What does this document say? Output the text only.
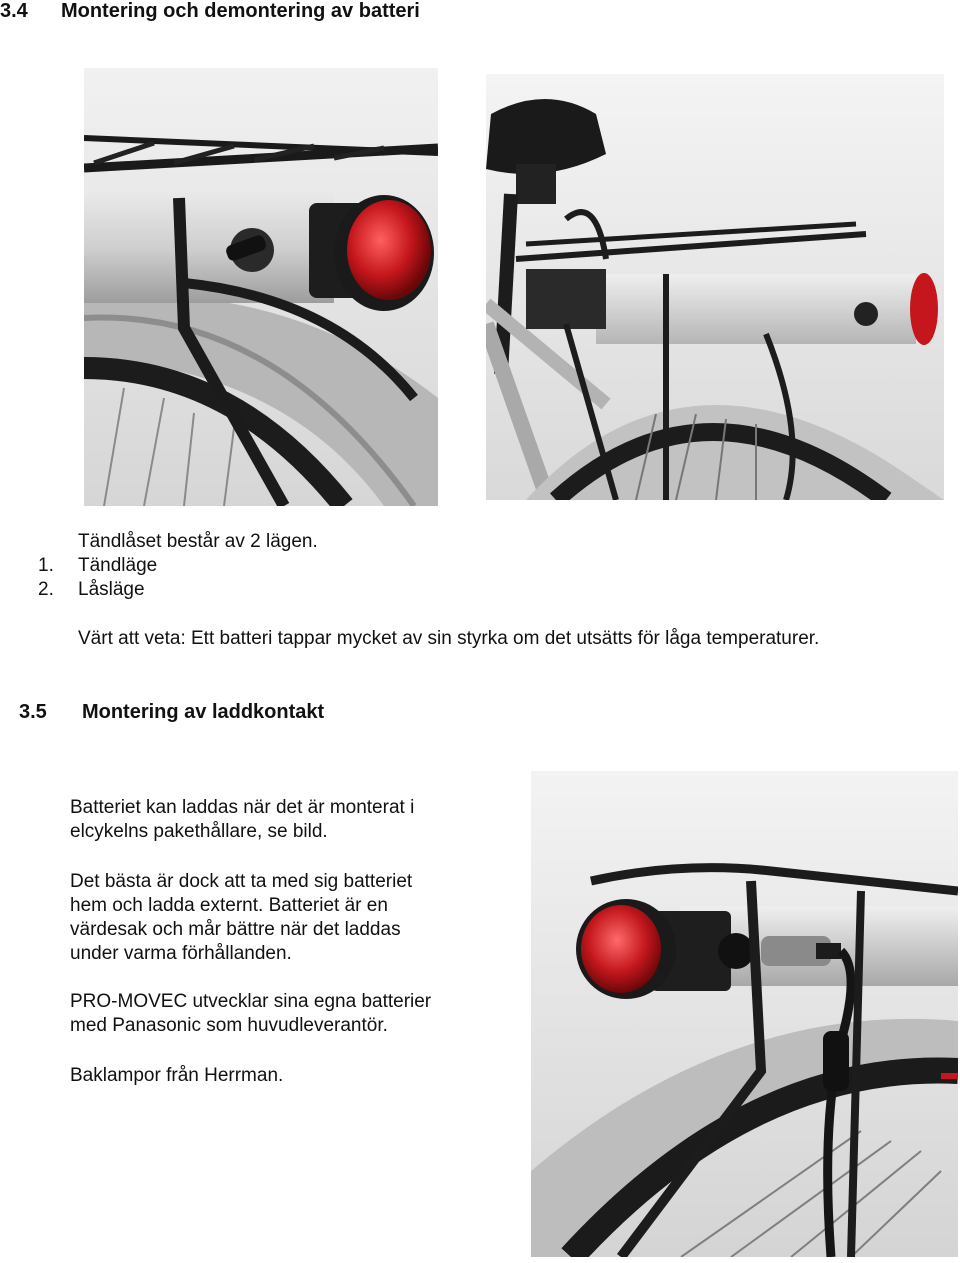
3.4 Montering och demontering av batteri
Tändlåset består av 2 lägen.
1. Tändläge
2. Låsläge
Värt att veta: Ett batteri tappar mycket av sin styrka om det utsätts för låga temperaturer.
3.5 Montering av laddkontakt
Batteriet kan laddas när det är monterat i
elcykelns pakethållare, se bild.
Det bästa är dock att ta med sig batteriet
hem och ladda externt. Batteriet är en
värdesak och mår bättre när det laddas
under varma förhållanden.
PRO-MOVEC utvecklar sina egna batterier
med Panasonic som huvudleverantör.
Baklampor från Herrman.
